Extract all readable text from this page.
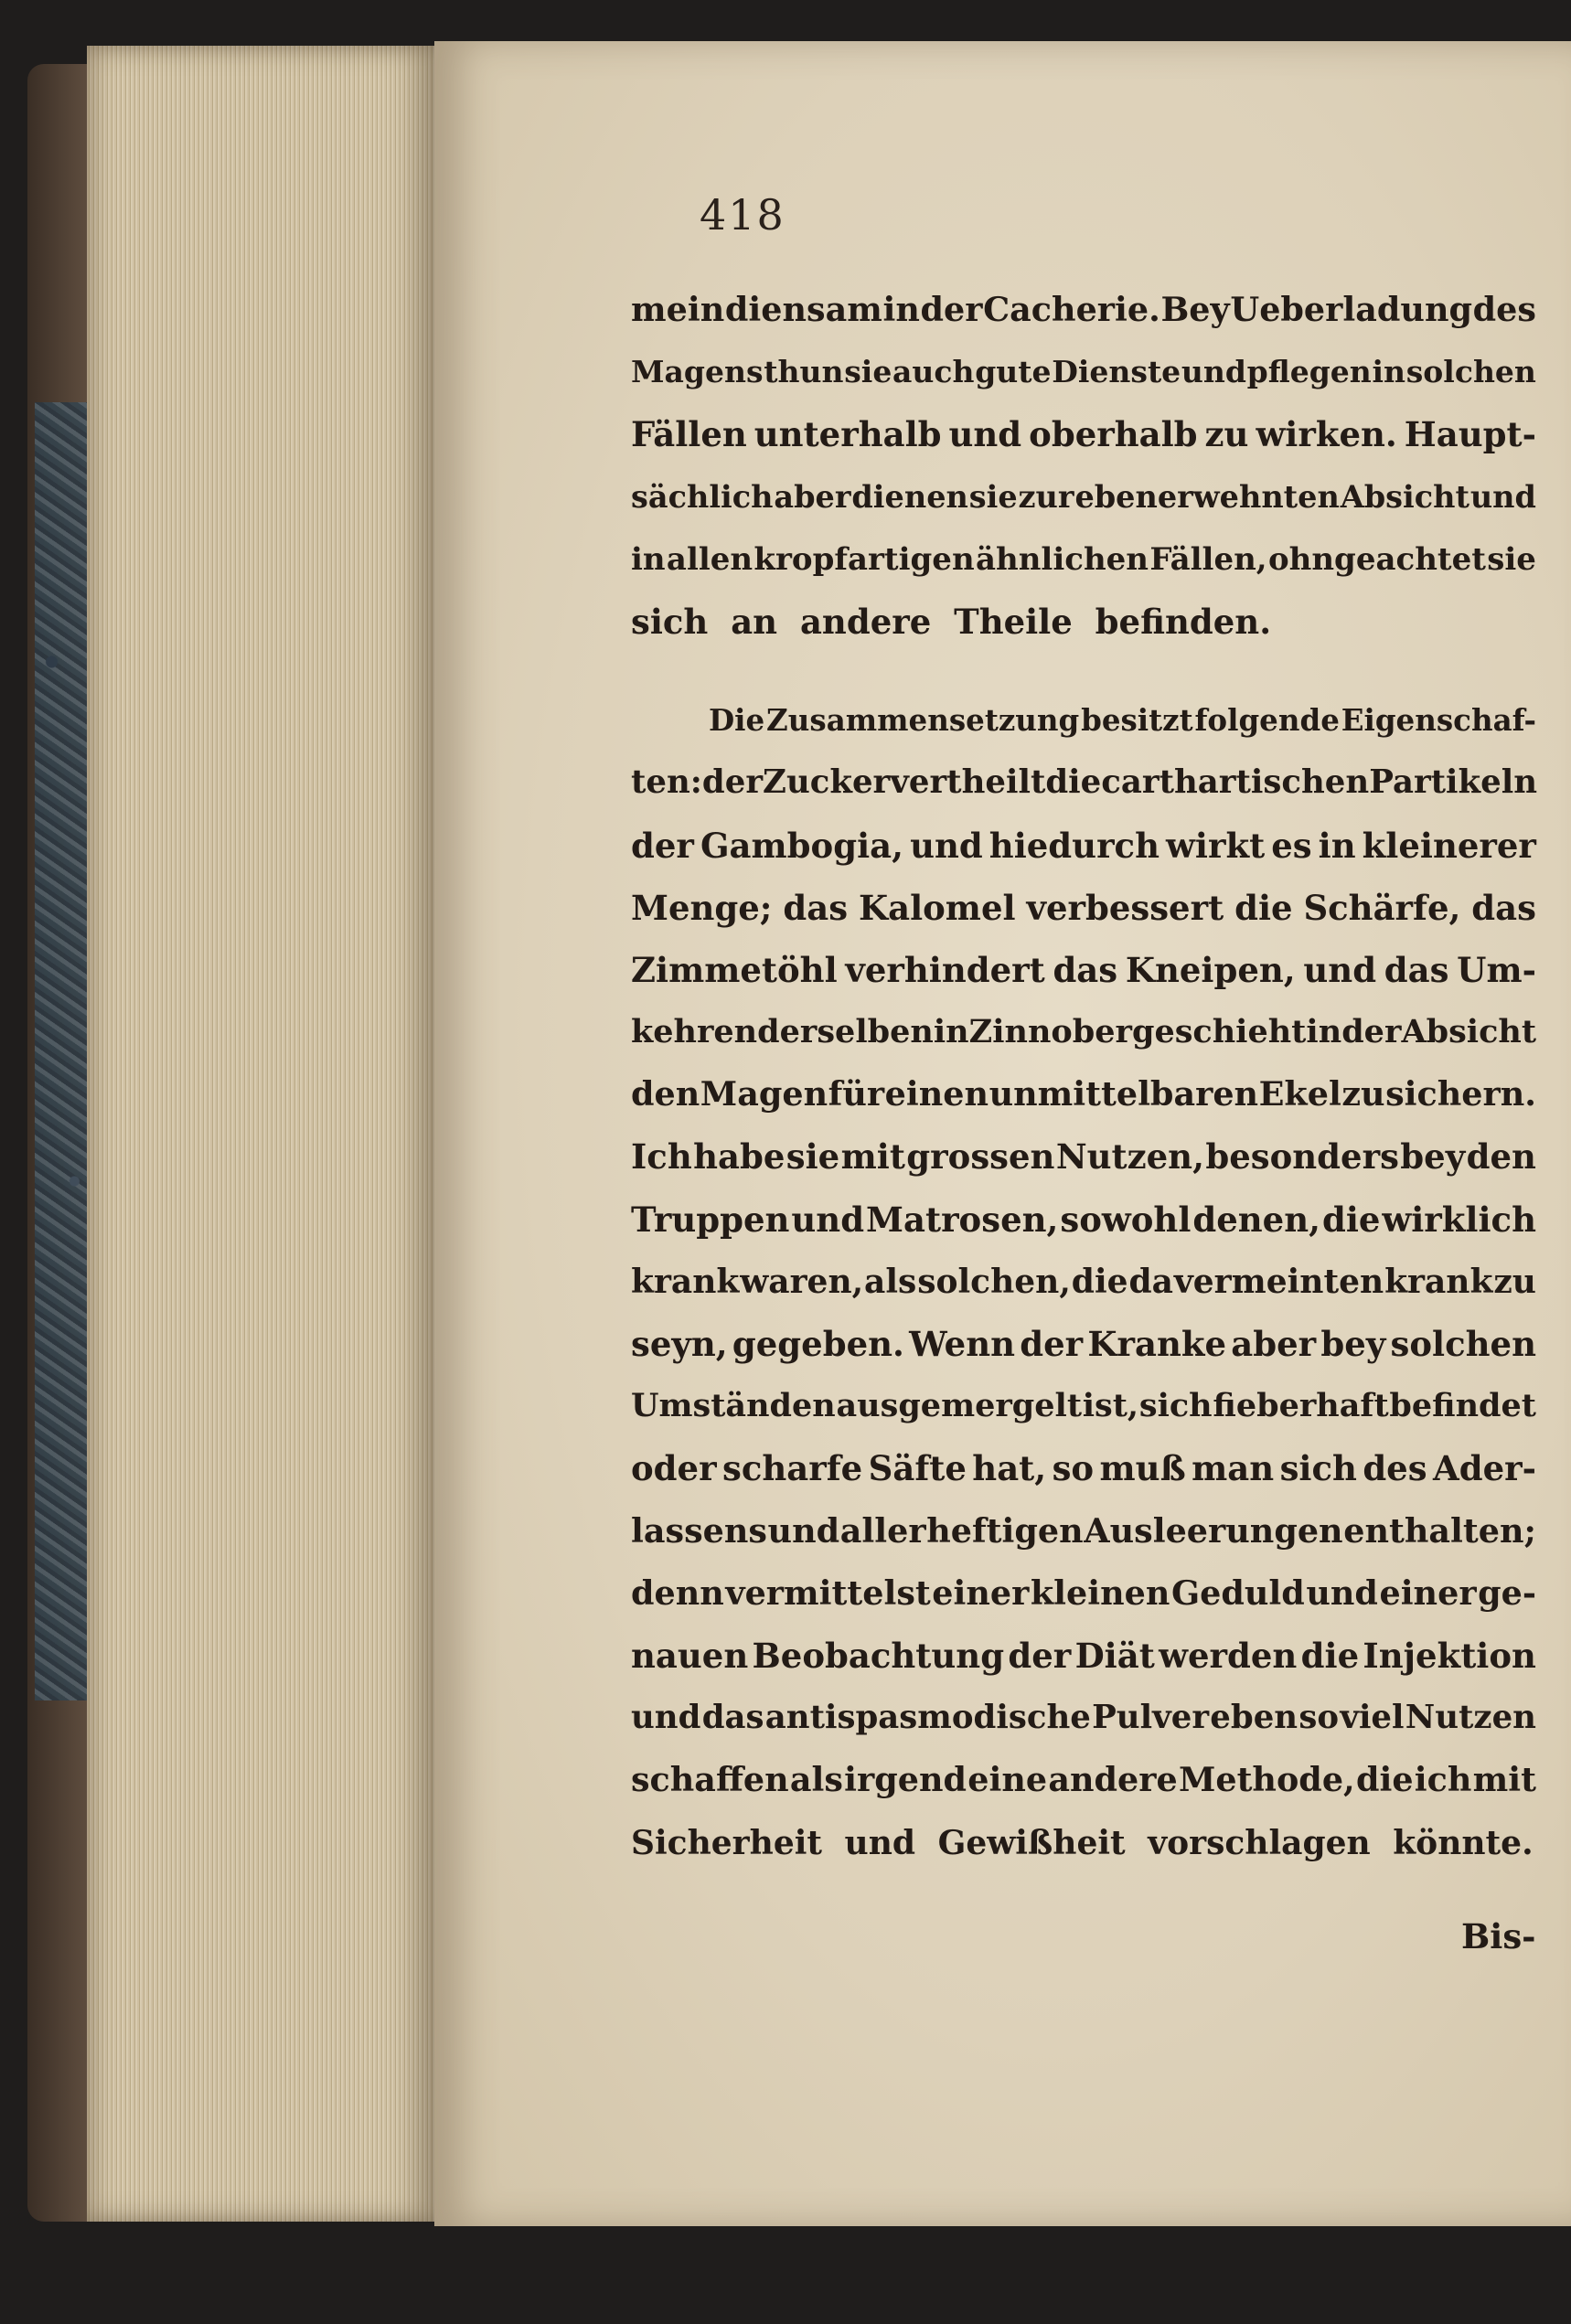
418
mein diensam in der Cacherie. Bey Ueberladung des
Magens thun sie auch gute Dienste und pflegen in solchen
Fällen unterhalb und oberhalb zu wirken. Haupt-
sächlich aber dienen sie zur ebenerwehnten Absicht und
in allen kropfartigen ähnlichen Fällen, ohngeachtet sie
sich an andere Theile befinden.
Die Zusammensetzung besitzt folgende Eigenschaf-
ten: der Zucker vertheilt die carthartischen Partikeln
der Gambogia, und hiedurch wirkt es in kleinerer
Menge; das Kalomel verbessert die Schärfe, das
Zimmetöhl verhindert das Kneipen, und das Um-
kehren derselben in Zinnober geschieht in der Absicht
den Magen für einen unmittelbaren Ekel zu sichern.
Ich habe sie mit grossen Nutzen, besonders bey den
Truppen und Matrosen, sowohl denen, die wirklich
krank waren, als solchen, die da vermeinten krank zu
seyn, gegeben. Wenn der Kranke aber bey solchen
Umständen ausgemergelt ist, sich fieberhaft befindet
oder scharfe Säfte hat, so muß man sich des Ader-
lassens und aller heftigen Ausleerungen enthalten;
denn vermittelst einer kleinen Geduld und einer ge-
nauen Beobachtung der Diät werden die Injektion
und das antispasmodische Pulver eben so viel Nutzen
schaffen als irgend eine andere Methode, die ich mit
Sicherheit und Gewißheit vorschlagen könnte.
Bis-
